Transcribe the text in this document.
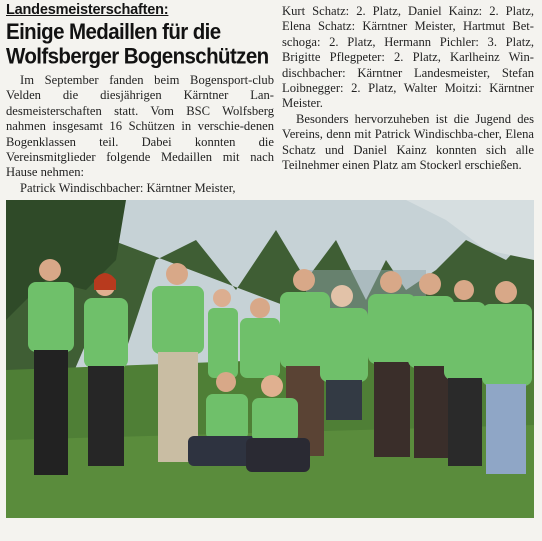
Landesmeisterschaften:
Einige Medaillen für die Wolfsberger Bogenschützen

Im September fanden beim Bogensport-club Velden die diesjährigen Kärntner Lan-desmeisterschaften statt. Vom BSC Wolfsberg nahmen insgesamt 16 Schützen in verschie-denen Bogenklassen teil. Dabei konnten die Vereinsmitglieder folgende Medaillen mit nach Hause nehmen:

Patrick Windischbacher: Kärntner Meister,

Kurt Schatz: 2. Platz, Daniel Kainz: 2. Platz, Elena Schatz: Kärntner Meister, Hartmut Bet-schoga: 2. Platz, Hermann Pichler: 3. Platz, Brigitte Pflegpeter: 2. Platz, Karlheinz Win-dischbacher: Kärntner Landesmeister, Stefan Loibnegger: 2. Platz, Walter Moitzi: Kärntner Meister.

Besonders hervorzuheben ist die Jugend des Vereins, denn mit Patrick Windischba-cher, Elena Schatz und Daniel Kainz konnten sich alle Teilnehmer einen Platz am Stockerl erschießen.
